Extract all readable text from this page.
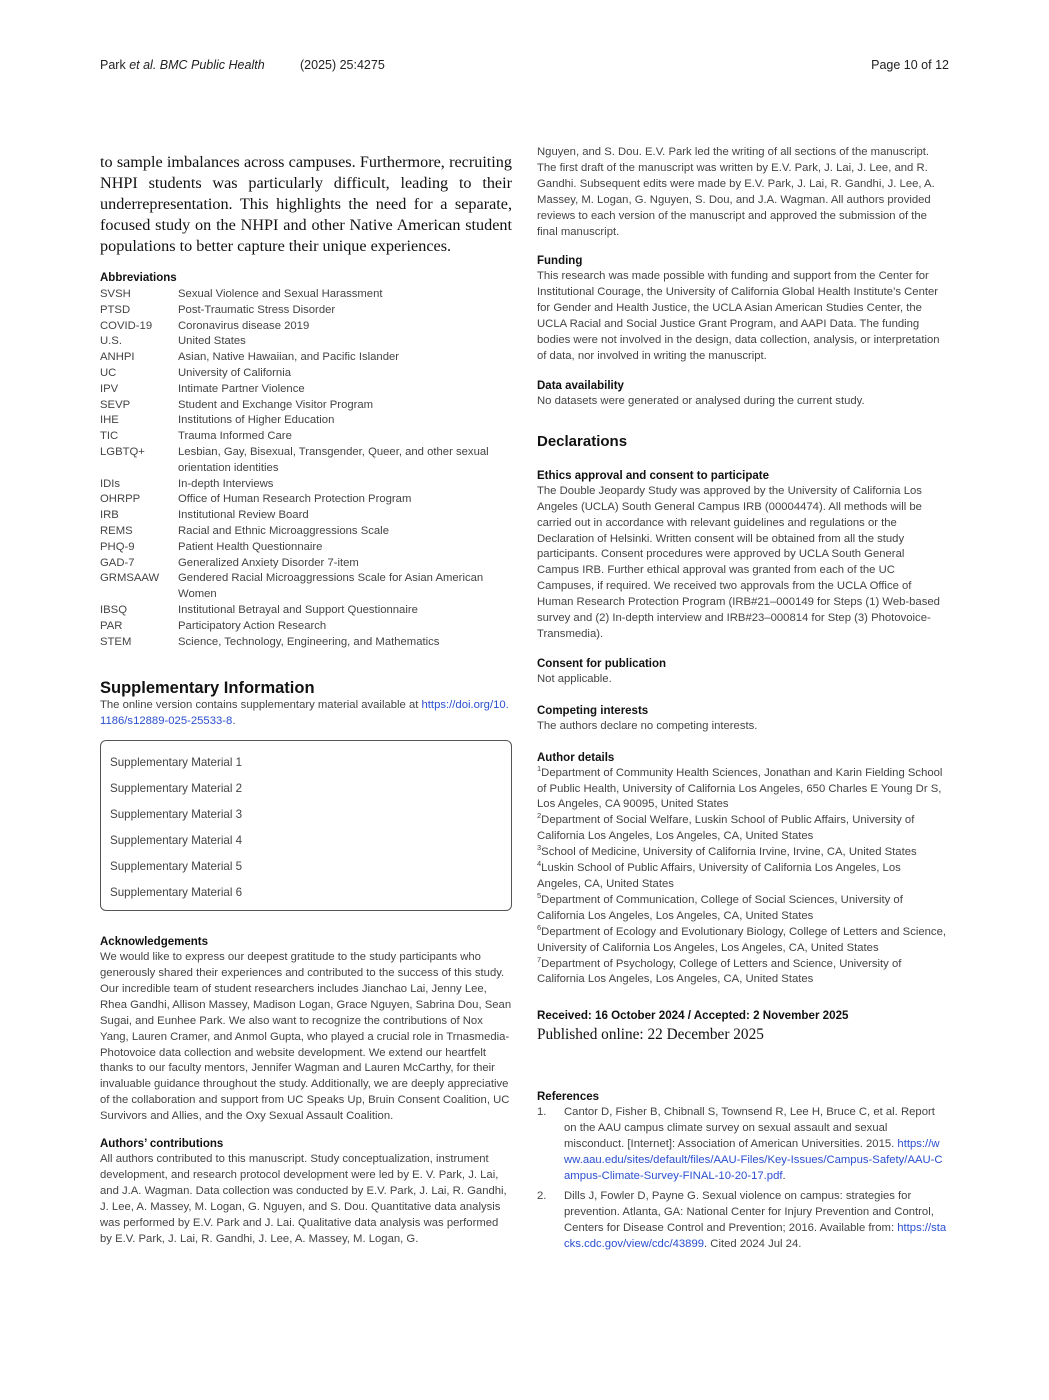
Park et al. BMC Public Health	(2025) 25:4275	Page 10 of 12

to sample imbalances across campuses. Furthermore, recruiting NHPI students was particularly difficult, leading to their underrepresentation. This highlights the need for a separate, focused study on the NHPI and other Native American student populations to better capture their unique experiences.

Abbreviations
SVSH	Sexual Violence and Sexual Harassment
PTSD	Post-Traumatic Stress Disorder
COVID-19	Coronavirus disease 2019
U.S.	United States
ANHPI	Asian, Native Hawaiian, and Pacific Islander
UC	University of California
IPV	Intimate Partner Violence
SEVP	Student and Exchange Visitor Program
IHE	Institutions of Higher Education
TIC	Trauma Informed Care
LGBTQ+	Lesbian, Gay, Bisexual, Transgender, Queer, and other sexual orientation identities
IDIs	In-depth Interviews
OHRPP	Office of Human Research Protection Program
IRB	Institutional Review Board
REMS	Racial and Ethnic Microaggressions Scale
PHQ-9	Patient Health Questionnaire
GAD-7	Generalized Anxiety Disorder 7-item
GRMSAAW	Gendered Racial Microaggressions Scale for Asian American Women
IBSQ	Institutional Betrayal and Support Questionnaire
PAR	Participatory Action Research
STEM	Science, Technology, Engineering, and Mathematics
Supplementary Information

The online version contains supplementary material available at https://doi.org/10.1186/s12889-025-25533-8.

Supplementary Material 1
Supplementary Material 2
Supplementary Material 3
Supplementary Material 4
Supplementary Material 5
Supplementary Material 6
Acknowledgements

We would like to express our deepest gratitude to the study participants who generously shared their experiences and contributed to the success of this study. Our incredible team of student researchers includes Jianchao Lai, Jenny Lee, Rhea Gandhi, Allison Massey, Madison Logan, Grace Nguyen, Sabrina Dou, Sean Sugai, and Eunhee Park. We also want to recognize the contributions of Nox Yang, Lauren Cramer, and Anmol Gupta, who played a crucial role in Trnasmedia-Photovoice data collection and website development. We extend our heartfelt thanks to our faculty mentors, Jennifer Wagman and Lauren McCarthy, for their invaluable guidance throughout the study. Additionally, we are deeply appreciative of the collaboration and support from UC Speaks Up, Bruin Consent Coalition, UC Survivors and Allies, and the Oxy Sexual Assault Coalition.

Authors’ contributions

All authors contributed to this manuscript. Study conceptualization, instrument development, and research protocol development were led by E. V. Park, J. Lai, and J.A. Wagman. Data collection was conducted by E.V. Park, J. Lai, R. Gandhi, J. Lee, A. Massey, M. Logan, G. Nguyen, and S. Dou. Quantitative data analysis was performed by E.V. Park and J. Lai. Qualitative data analysis was performed by E.V. Park, J. Lai, R. Gandhi, J. Lee, A. Massey, M. Logan, G.

Nguyen, and S. Dou. E.V. Park led the writing of all sections of the manuscript. The first draft of the manuscript was written by E.V. Park, J. Lai, J. Lee, and R. Gandhi. Subsequent edits were made by E.V. Park, J. Lai, R. Gandhi, J. Lee, A. Massey, M. Logan, G. Nguyen, S. Dou, and J.A. Wagman. All authors provided reviews to each version of the manuscript and approved the submission of the final manuscript.

Funding

This research was made possible with funding and support from the Center for Institutional Courage, the University of California Global Health Institute’s Center for Gender and Health Justice, the UCLA Asian American Studies Center, the UCLA Racial and Social Justice Grant Program, and AAPI Data. The funding bodies were not involved in the design, data collection, analysis, or interpretation of data, nor involved in writing the manuscript.

Data availability

No datasets were generated or analysed during the current study.

Declarations
Ethics approval and consent to participate

The Double Jeopardy Study was approved by the University of California Los Angeles (UCLA) South General Campus IRB (00004474). All methods will be carried out in accordance with relevant guidelines and regulations or the Declaration of Helsinki. Written consent will be obtained from all the study participants. Consent procedures were approved by UCLA South General Campus IRB. Further ethical approval was granted from each of the UC Campuses, if required. We received two approvals from the UCLA Office of Human Research Protection Program (IRB#21–000149 for Steps (1) Web-based survey and (2) In-depth interview and IRB#23–000814 for Step (3) Photovoice-Transmedia).

Consent for publication

Not applicable.

Competing interests

The authors declare no competing interests.

Author details

$^1$Department of Community Health Sciences, Jonathan and Karin Fielding School of Public Health, University of California Los Angeles, 650 Charles E Young Dr S, Los Angeles, CA 90095, United States

$^2$Department of Social Welfare, Luskin School of Public Affairs, University of California Los Angeles, Los Angeles, CA, United States

$^3$School of Medicine, University of California Irvine, Irvine, CA, United States

$^4$Luskin School of Public Affairs, University of California Los Angeles, Los Angeles, CA, United States

$^5$Department of Communication, College of Social Sciences, University of California Los Angeles, Los Angeles, CA, United States

$^6$Department of Ecology and Evolutionary Biology, College of Letters and Science, University of California Los Angeles, Los Angeles, CA, United States

$^7$Department of Psychology, College of Letters and Science, University of California Los Angeles, Los Angeles, CA, United States

Received: 16 October 2024 / Accepted: 2 November 2025
Published online: 22 December 2025
References
1.	Cantor D, Fisher B, Chibnall S, Townsend R, Lee H, Bruce C, et al. Report on the AAU campus climate survey on sexual assault and sexual misconduct. [Internet]: Association of American Universities. 2015. https://www.aau.edu/sites/default/files/AAU-Files/Key-Issues/Campus-Safety/AAU-Campus-Climate-Survey-FINAL-10-20-17.pdf.
2.	Dills J, Fowler D, Payne G. Sexual violence on campus: strategies for prevention. Atlanta, GA: National Center for Injury Prevention and Control, Centers for Disease Control and Prevention; 2016. Available from: https://stacks.cdc.gov/view/cdc/43899. Cited 2024 Jul 24.
